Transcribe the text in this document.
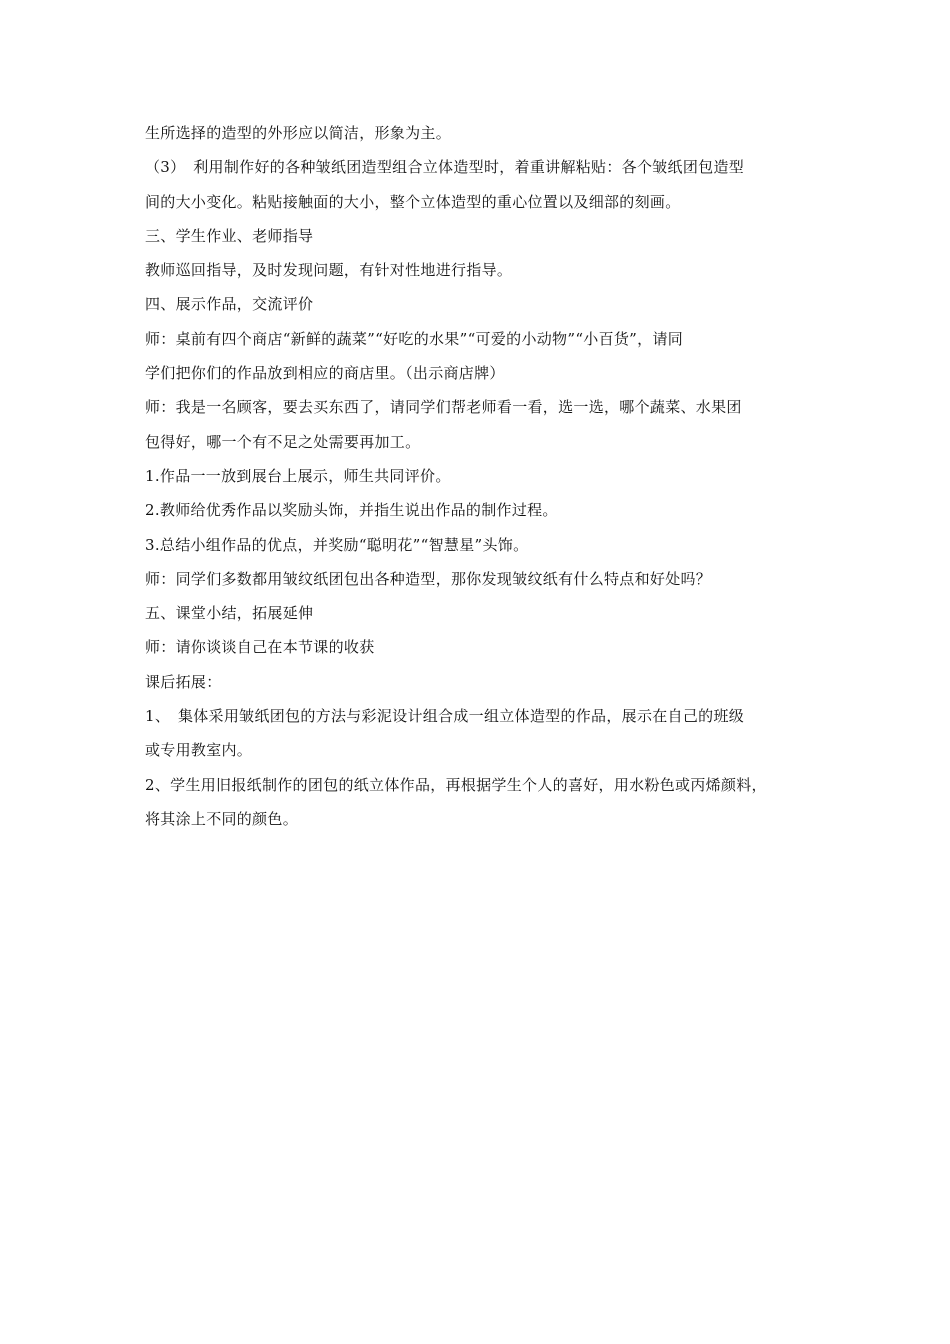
生所选择的造型的外形应以简洁，形象为主。
（3）　利用制作好的各种皱纸团造型组合立体造型时，着重讲解粘贴：各个皱纸团包造型
间的大小变化。粘贴接触面的大小，整个立体造型的重心位置以及细部的刻画。
三、学生作业、老师指导
教师巡回指导，及时发现问题，有针对性地进行指导。
四、展示作品，交流评价
师：桌前有四个商店“新鲜的蔬菜”“好吃的水果”“可爱的小动物”“小百货”，请同
学们把你们的作品放到相应的商店里。（出示商店牌）
师：我是一名顾客，要去买东西了，请同学们帮老师看一看，选一选，哪个蔬菜、水果团
包得好，哪一个有不足之处需要再加工。
1.作品一一放到展台上展示，师生共同评价。
2.教师给优秀作品以奖励头饰，并指生说出作品的制作过程。
3.总结小组作品的优点，并奖励“聪明花”“智慧星”头饰。
师：同学们多数都用皱纹纸团包出各种造型，那你发现皱纹纸有什么特点和好处吗？
五、课堂小结，拓展延伸
师：请你谈谈自己在本节课的收获
课后拓展：
1、　集体采用皱纸团包的方法与彩泥设计组合成一组立体造型的作品，展示在自己的班级
或专用教室内。
2、学生用旧报纸制作的团包的纸立体作品，再根据学生个人的喜好，用水粉色或丙烯颜料，
将其涂上不同的颜色。
